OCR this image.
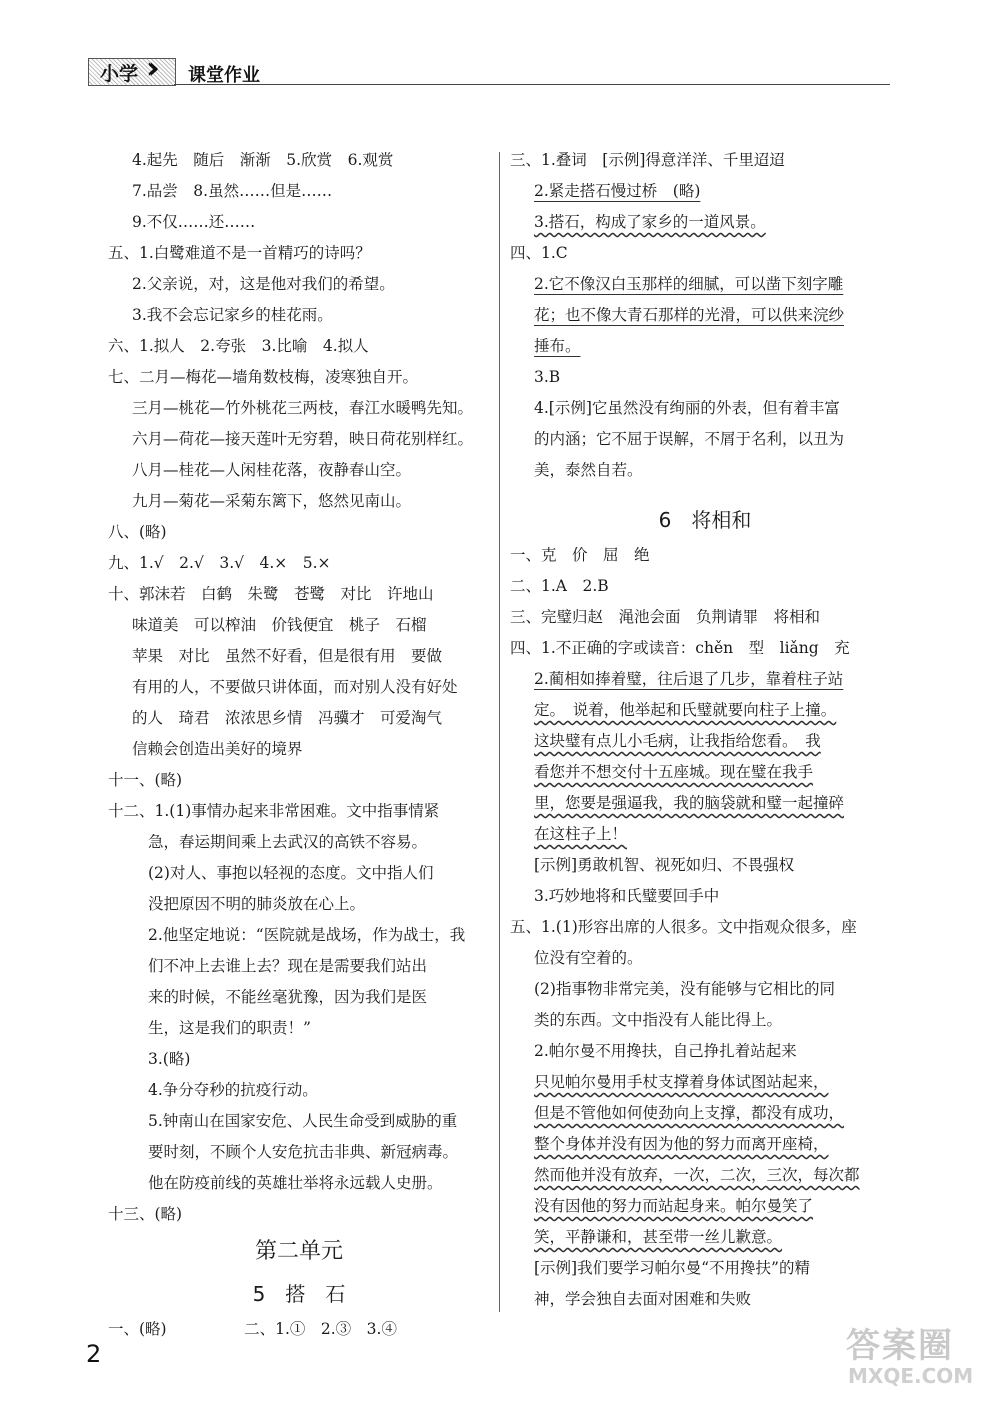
小学 ›› 课堂作业
4.起先　随后　渐渐　5.欣赏　6.观赏
7.品尝　8.虽然……但是……
9.不仅……还……
五、1.白鹭难道不是一首精巧的诗吗？
2.父亲说，对，这是他对我们的希望。
3.我不会忘记家乡的桂花雨。
六、1.拟人　2.夸张　3.比喻　4.拟人
七、二月—梅花—墙角数枝梅，凌寒独自开。
三月—桃花—竹外桃花三两枝，春江水暖鸭先知。
六月—荷花—接天莲叶无穷碧，映日荷花别样红。
八月—桂花—人闲桂花落，夜静春山空。
九月—菊花—采菊东篱下，悠然见南山。
八、(略)
九、1.√　2.√　3.√　4.×　5.×
十、郭沫若　白鹤　朱鹭　苍鹭　对比　许地山
味道美　可以榨油　价钱便宜　桃子　石榴
苹果　对比　虽然不好看，但是很有用　要做
有用的人，不要做只讲体面，而对别人没有好处
的人　琦君　浓浓思乡情　冯骥才　可爱淘气
信赖会创造出美好的境界
十一、(略)
十二、1.(1)事情办起来非常困难。文中指事情紧
急，春运期间乘上去武汉的高铁不容易。
(2)对人、事抱以轻视的态度。文中指人们
没把原因不明的肺炎放在心上。
2.他坚定地说：“医院就是战场，作为战士，我
们不冲上去谁上去？现在是需要我们站出
来的时候，不能丝毫犹豫，因为我们是医
生，这是我们的职责！”
3.(略)
4.争分夺秒的抗疫行动。
5.钟南山在国家安危、人民生命受到威胁的重
要时刻，不顾个人安危抗击非典、新冠病毒。
他在防疫前线的英雄壮举将永远载人史册。
十三、(略)
第二单元
5　搭　石
一、(略)　　　　　二、1.①　2.③　3.④
三、1.叠词　[示例]得意洋洋、千里迢迢
2.紧走搭石慢过桥　(略)
3.搭石，构成了家乡的一道风景。
四、1.C
2.它不像汉白玉那样的细腻，可以凿下刻字雕
花；也不像大青石那样的光滑，可以供来浣纱
捶布。
3.B
4.[示例]它虽然没有绚丽的外表，但有着丰富
的内涵；它不屈于误解，不屑于名利，以丑为
美，泰然自若。
6　将相和
一、克　价　屈　绝
二、1.A　2.B
三、完璧归赵　渑池会面　负荆请罪　将相和
四、1.不正确的字或读音：chěn　型　liǎng　充
2.蔺相如捧着璧，往后退了几步，靠着柱子站
定。　说着，他举起和氏璧就要向柱子上撞。
这块璧有点儿小毛病，让我指给您看。　我
看您并不想交付十五座城。现在璧在我手
里，您要是强逼我，我的脑袋就和璧一起撞碎
在这柱子上！
[示例]勇敢机智、视死如归、不畏强权
3.巧妙地将和氏璧要回手中
五、1.(1)形容出席的人很多。文中指观众很多，座
位没有空着的。
(2)指事物非常完美，没有能够与它相比的同
类的东西。文中指没有人能比得上。
2.帕尔曼不用搀扶，自己挣扎着站起来
只见帕尔曼用手杖支撑着身体试图站起来，
但是不管他如何使劲向上支撑，都没有成功，
整个身体并没有因为他的努力而离开座椅，
然而他并没有放弃，一次，二次，三次，每次都
没有因他的努力而站起身来。帕尔曼笑了
笑，平静谦和，甚至带一丝儿歉意。
[示例]我们要学习帕尔曼“不用搀扶”的精
神，学会独自去面对困难和失败
2	答案圈
MXQE.COM
